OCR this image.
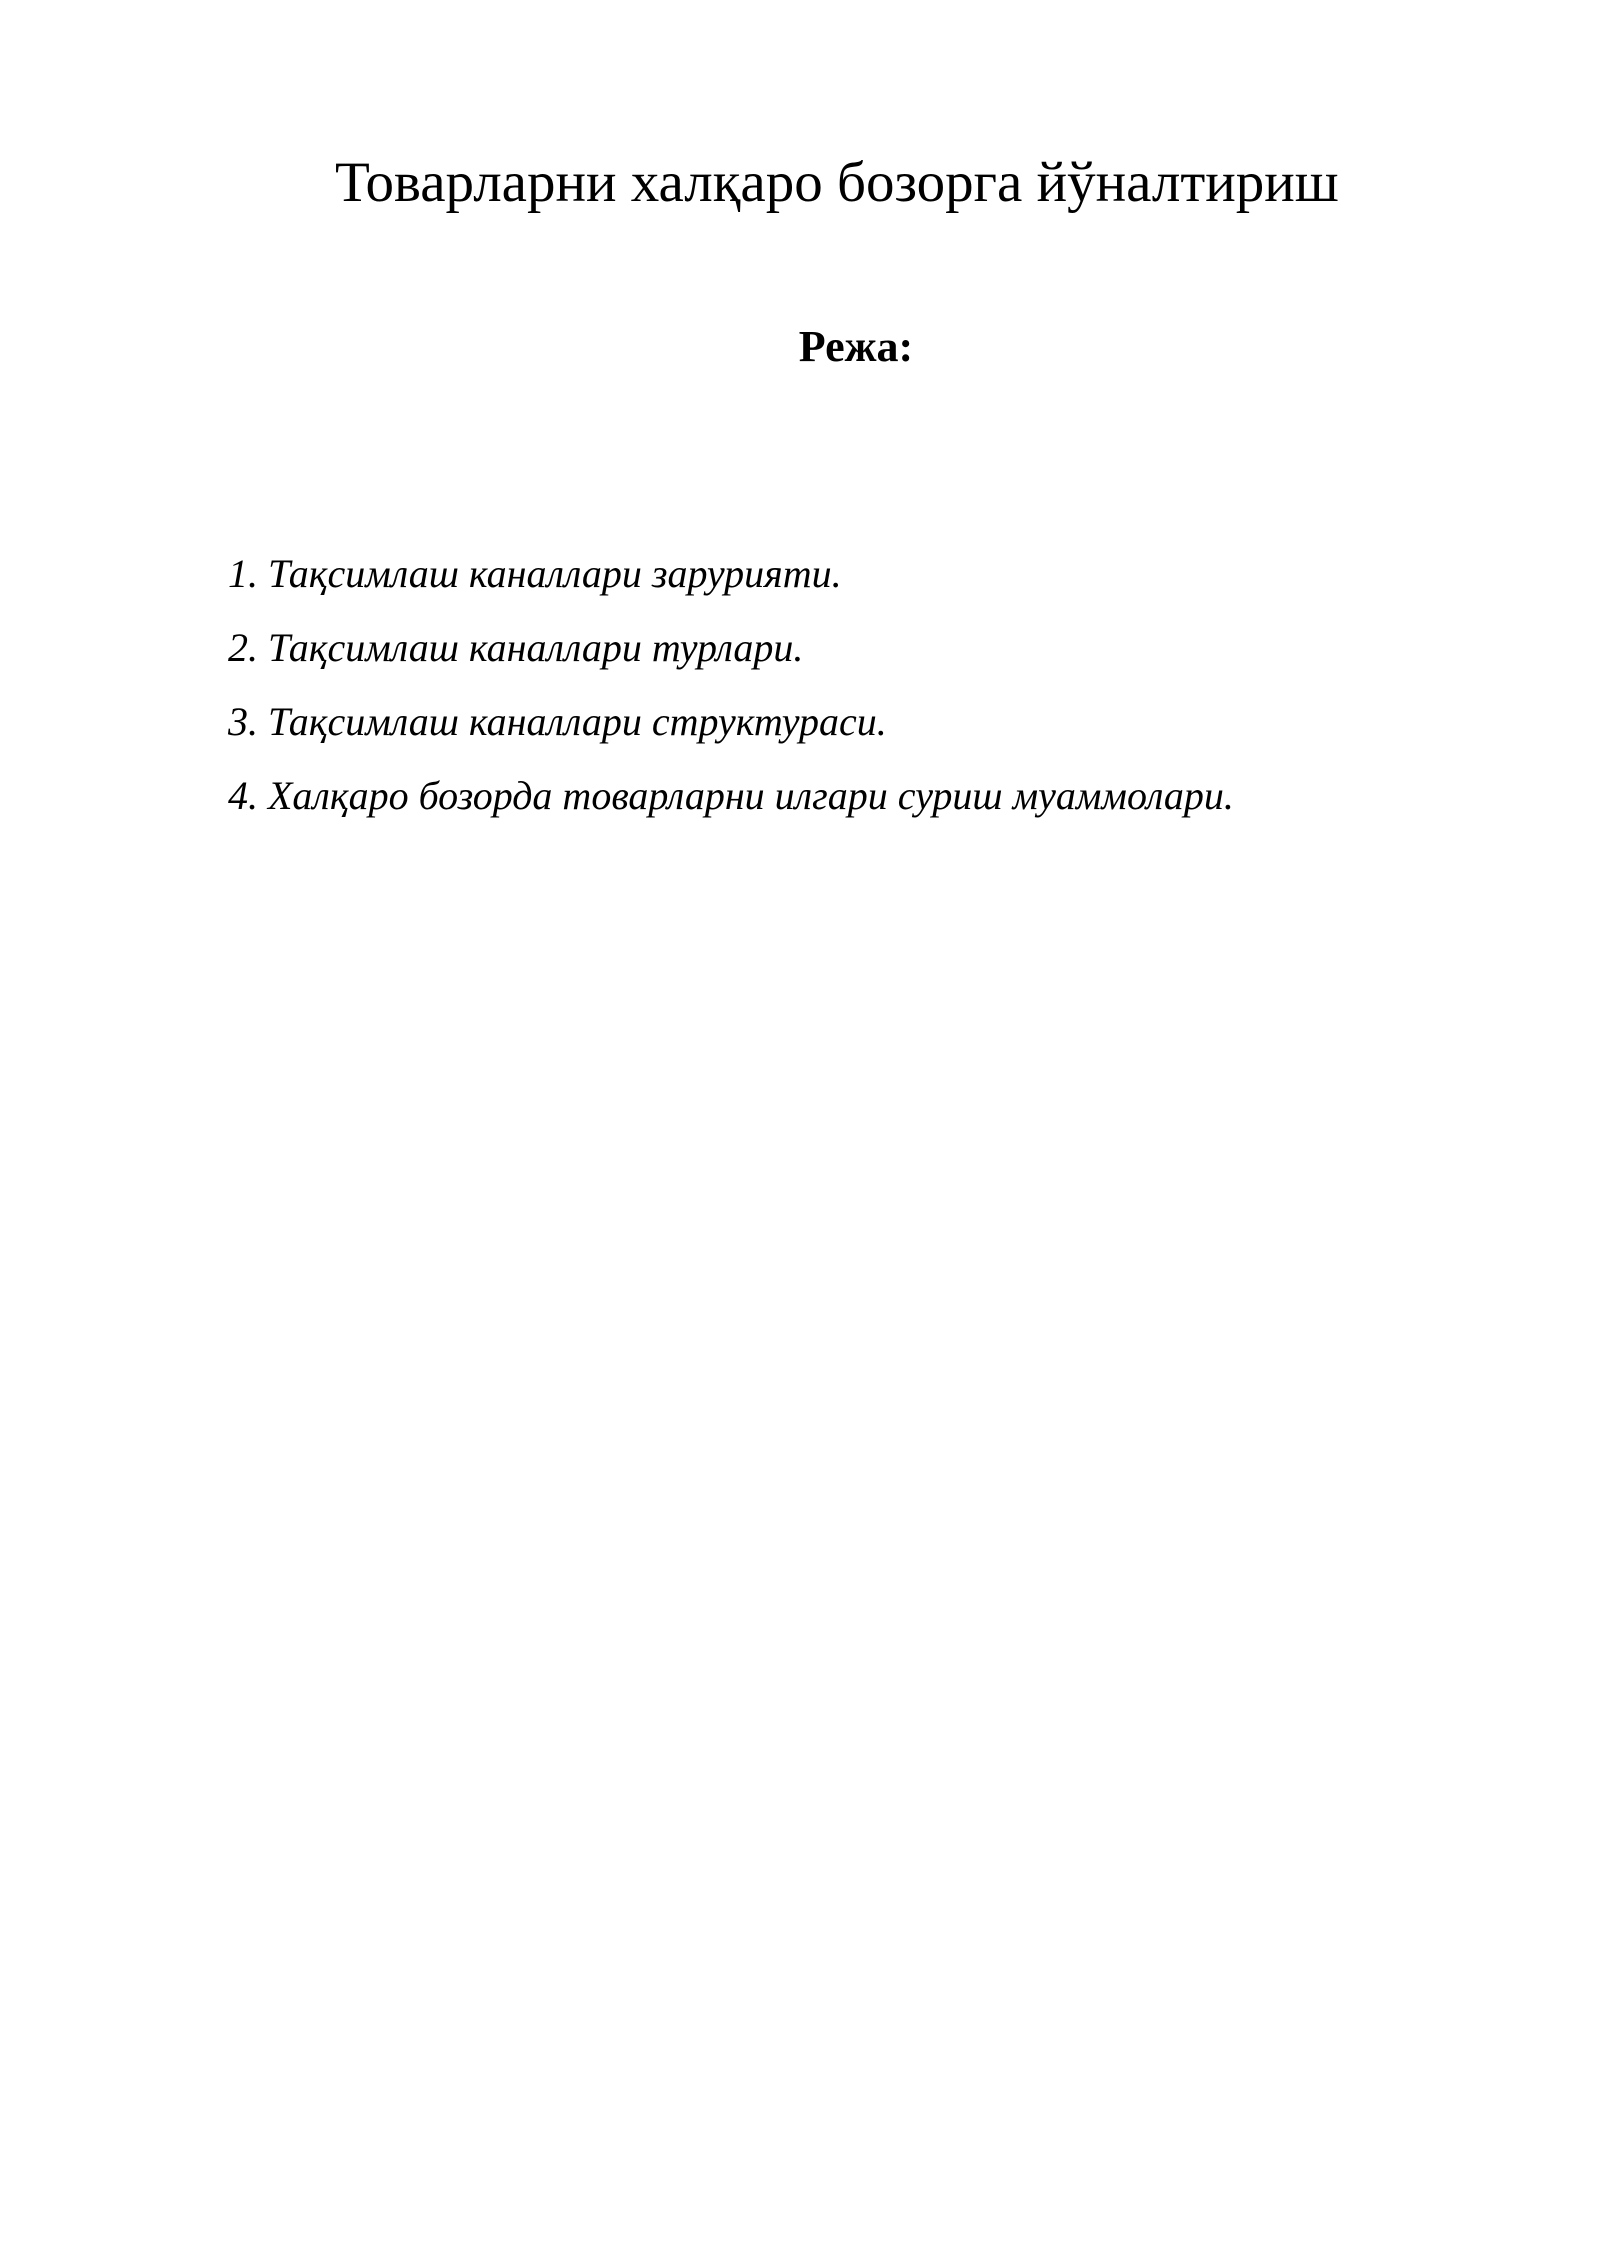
Товарларни халқаро бозорга йўналтириш
Режа:
1. Тақсимлаш каналлари зарурияти.
2. Тақсимлаш каналлари турлари.
3. Тақсимлаш каналлари структураси.
4. Халқаро бозорда товарларни илгари суриш муаммолари.
